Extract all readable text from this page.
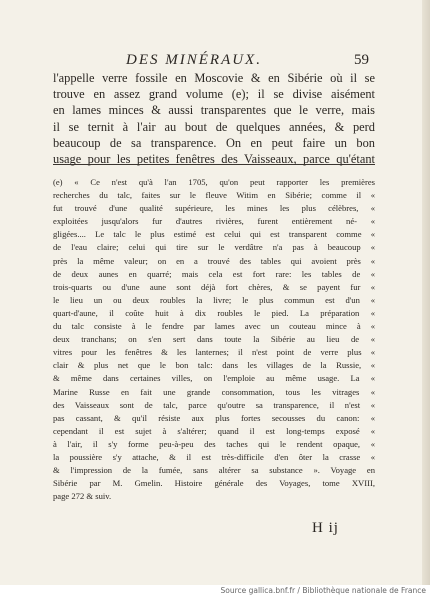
DES MINÉRAUX.	59
l'appelle verre fossile en Moscovie & en Sibérie où il se
trouve en assez grand volume (e); il se divise aisément
en lames minces & aussi transparentes que le verre, mais
il se ternit à l'air au bout de quelques années, & perd
beaucoup de sa transparence. On en peut faire un bon
usage pour les petites fenêtres des Vaisseaux, parce qu'étant
(e) « Ce n'est qu'à l'an 1705, qu'on peut rapporter les premières
recherches du talc, faites sur le fleuve Witim en Sibérie; comme il «
fut trouvé d'une qualité supérieure, les mines les plus célèbres, «
exploitées jusqu'alors fur d'autres rivières, furent entièrement né- «
gligées.... Le talc le plus estimé est celui qui est transparent comme «
de l'eau claire; celui qui tire sur le verdâtre n'a pas à beaucoup «
près la même valeur; on en a trouvé des tables qui avoient près «
de deux aunes en quarré; mais cela est fort rare: les tables de «
trois-quarts ou d'une aune sont déjà fort chères, & se payent fur «
le lieu un ou deux roubles la livre; le plus commun est d'un «
quart-d'aune, il coûte huit à dix roubles le pied. La préparation «
du talc consiste à le fendre par lames avec un couteau mince à «
deux tranchans; on s'en sert dans toute la Sibérie au lieu de «
vitres pour les fenêtres & les lanternes; il n'est point de verre plus «
clair & plus net que le bon talc: dans les villages de la Russie, «
& même dans certaines villes, on l'emploie au même usage. La «
Marine Russe en fait une grande consommation, tous les vitrages «
des Vaisseaux sont de talc, parce qu'outre sa transparence, il n'est «
pas cassant, & qu'il résiste aux plus fortes secousses du canon: «
cependant il est sujet à s'altérer; quand il est long-temps exposé «
à l'air, il s'y forme peu-à-peu des taches qui le rendent opaque, «
la poussière s'y attache, & il est très-difficile d'en ôter la crasse «
& l'impression de la fumée, sans altérer sa substance ». Voyage en
Sibérie par M. Gmelin. Histoire générale des Voyages, tome XVIII,
page 272 & suiv.
H ij
Source gallica.bnf.fr / Bibliothèque nationale de France
